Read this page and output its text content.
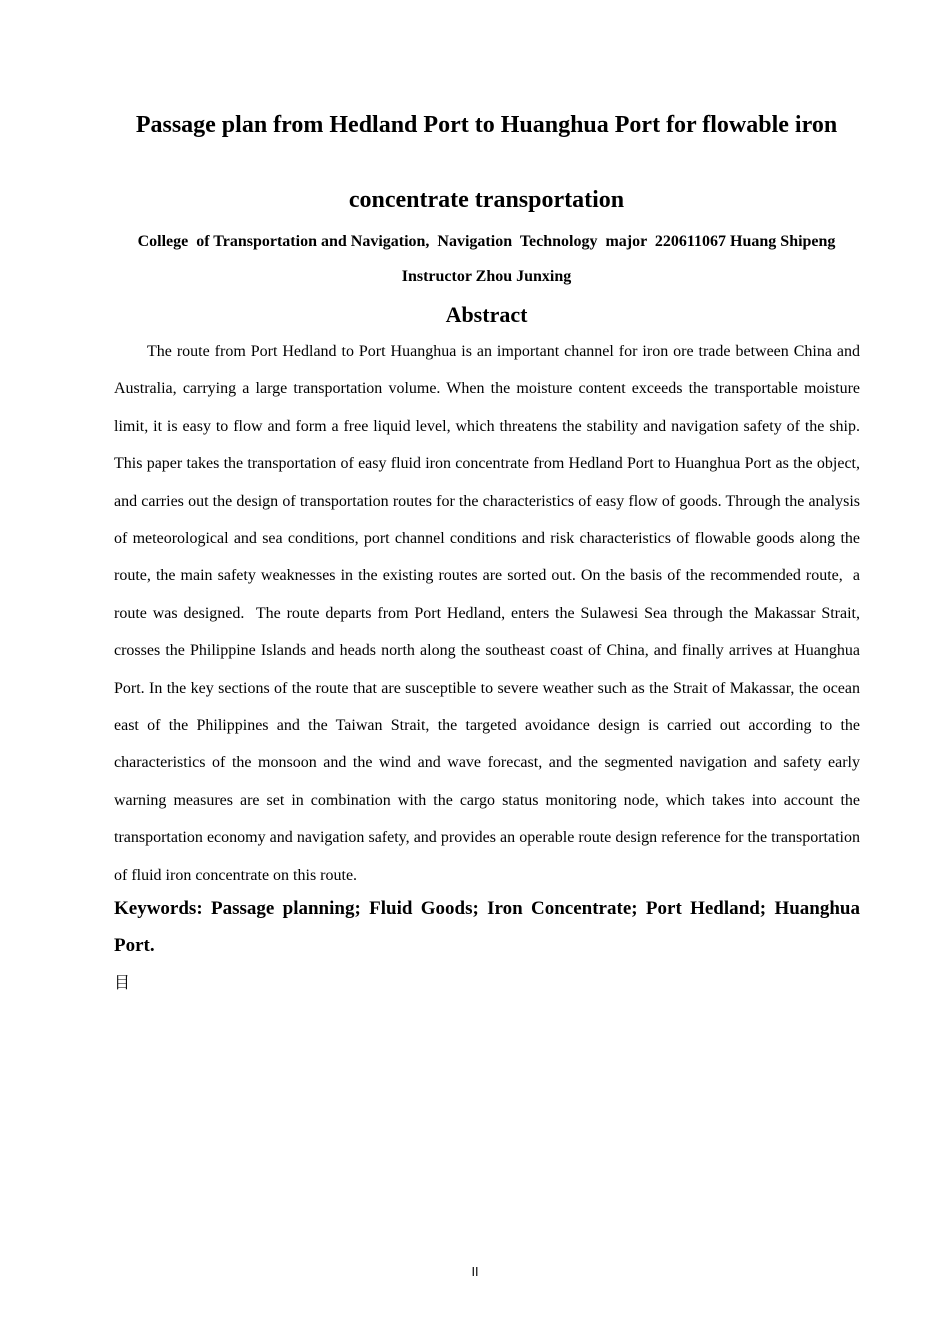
Passage plan from Hedland Port to Huanghua Port for flowable iron concentrate transportation

College  of Transportation and Navigation,  Navigation  Technology  major  220611067 Huang Shipeng

Instructor Zhou Junxing

Abstract

The route from Port Hedland to Port Huanghua is an important channel for iron ore trade between China and Australia, carrying a large transportation volume. When the moisture content exceeds the transportable moisture limit, it is easy to flow and form a free liquid level, which threatens the stability and navigation safety of the ship. This paper takes the transportation of easy fluid iron concentrate from Hedland Port to Huanghua Port as the object, and carries out the design of transportation routes for the characteristics of easy flow of goods. Through the analysis of meteorological and sea conditions, port channel conditions and risk characteristics of flowable goods along the route, the main safety weaknesses in the existing routes are sorted out. On the basis of the recommended route,  a  route was designed.  The route departs from Port Hedland, enters the Sulawesi Sea through the Makassar Strait, crosses the Philippine Islands and heads north along the southeast coast of China, and finally arrives at Huanghua Port. In the key sections of the route that are susceptible to severe weather such as the Strait of Makassar, the ocean east of the Philippines and the Taiwan Strait, the targeted avoidance design is carried out according to the characteristics of the monsoon and the wind and wave forecast, and the segmented navigation and safety early warning measures are set in combination with the cargo status monitoring node, which takes into account the transportation economy and navigation safety, and provides an operable route design reference for the transportation of fluid iron concentrate on this route.

Keywords: Passage planning; Fluid Goods; Iron Concentrate; Port Hedland; Huanghua Port.

目

II
